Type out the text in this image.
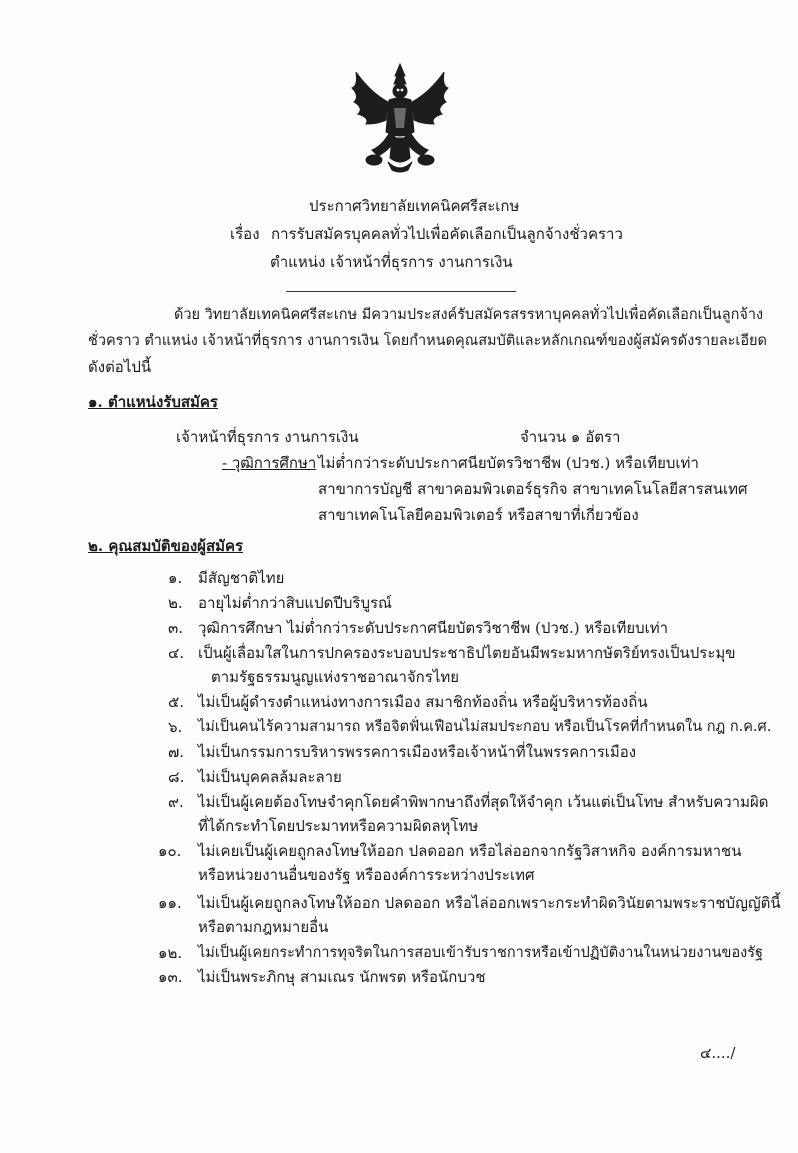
ประกาศวิทยาลัยเทคนิคศรีสะเกษ
เรื่อง การรับสมัครบุคคลทั่วไปเพื่อคัดเลือกเป็นลูกจ้างชั่วคราว
ตำแหน่ง เจ้าหน้าที่ธุรการ งานการเงิน
ด้วย วิทยาลัยเทคนิคศรีสะเกษ มีความประสงค์รับสมัครสรรหาบุคคลทั่วไปเพื่อคัดเลือกเป็นลูกจ้าง
ชั่วคราว ตำแหน่ง เจ้าหน้าที่ธุรการ งานการเงิน โดยกำหนดคุณสมบัติและหลักเกณฑ์ของผู้สมัครดังรายละเอียด
ดังต่อไปนี้
๑. ตำแหน่งรับสมัคร
เจ้าหน้าที่ธุรการ งานการเงิน	จำนวน ๑ อัตรา
- วุฒิการศึกษา ไม่ต่ำกว่าระดับประกาศนียบัตรวิชาชีพ (ปวช.) หรือเทียบเท่า
สาขาการบัญชี สาขาคอมพิวเตอร์ธุรกิจ สาขาเทคโนโลยีสารสนเทศ
สาขาเทคโนโลยีคอมพิวเตอร์ หรือสาขาที่เกี่ยวข้อง
๒. คุณสมบัติของผู้สมัคร
๑. มีสัญชาติไทย
๒. อายุไม่ต่ำกว่าสิบแปดปีบริบูรณ์
๓. วุฒิการศึกษา ไม่ต่ำกว่าระดับประกาศนียบัตรวิชาชีพ (ปวช.) หรือเทียบเท่า
๔. เป็นผู้เลื่อมใสในการปกครองระบอบประชาธิปไตยอันมีพระมหากษัตริย์ทรงเป็นประมุข
ตามรัฐธรรมนูญแห่งราชอาณาจักรไทย
๕. ไม่เป็นผู้ดำรงตำแหน่งทางการเมือง สมาชิกท้องถิ่น หรือผู้บริหารท้องถิ่น
๖. ไม่เป็นคนไร้ความสามารถ หรือจิตฟั่นเฟือนไม่สมประกอบ หรือเป็นโรคที่กำหนดใน กฎ ก.ค.ศ.
๗. ไม่เป็นกรรมการบริหารพรรคการเมืองหรือเจ้าหน้าที่ในพรรคการเมือง
๘. ไม่เป็นบุคคลล้มละลาย
๙. ไม่เป็นผู้เคยต้องโทษจำคุกโดยคำพิพากษาถึงที่สุดให้จำคุก เว้นแต่เป็นโทษ สำหรับความผิด
ที่ได้กระทำโดยประมาทหรือความผิดลหุโทษ
๑๐. ไม่เคยเป็นผู้เคยถูกลงโทษให้ออก ปลดออก หรือไล่ออกจากรัฐวิสาหกิจ องค์การมหาชน
หรือหน่วยงานอื่นของรัฐ หรือองค์การระหว่างประเทศ
๑๑. ไม่เป็นผู้เคยถูกลงโทษให้ออก ปลดออก หรือไล่ออกเพราะกระทำผิดวินัยตามพระราชบัญญัตินี้
หรือตามกฎหมายอื่น
๑๒. ไม่เป็นผู้เคยกระทำการทุจริตในการสอบเข้ารับราชการหรือเข้าปฏิบัติงานในหน่วยงานของรัฐ
๑๓. ไม่เป็นพระภิกษุ สามเณร นักพรต หรือนักบวช
๔..../
